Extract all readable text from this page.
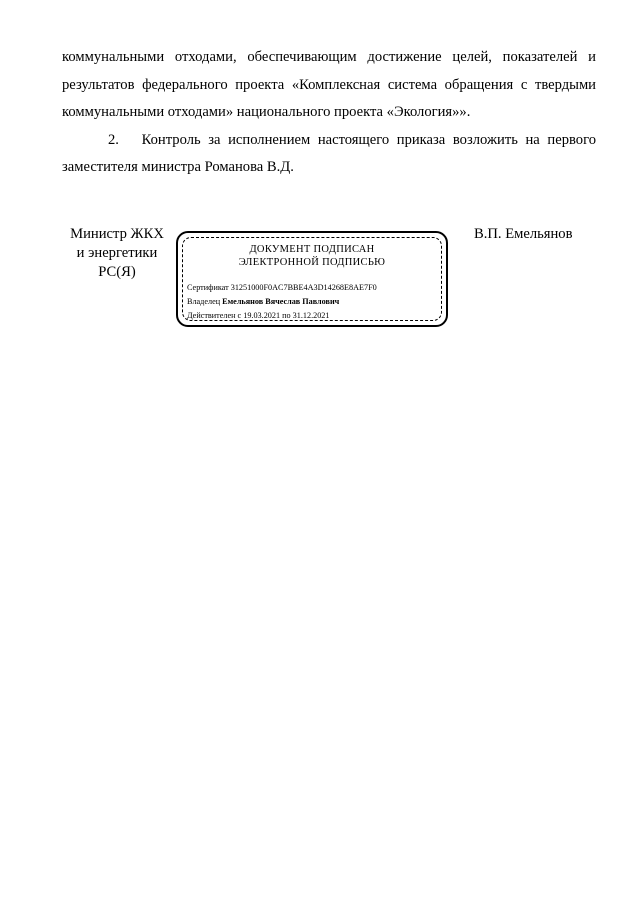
коммунальными отходами, обеспечивающим достижение целей, показателей и

результатов федерального проекта «Комплексная система обращения с твердыми

коммунальными отходами» национального проекта «Экология»».

2. Контроль за исполнением настоящего приказа возложить на первого

заместителя министра Романова В.Д.

Министр ЖКХ
и энергетики
РС(Я)
ДОКУМЕНТ ПОДПИСАН
ЭЛЕКТРОННОЙ ПОДПИСЬЮ
Сертификат 31251000F0AC7BBE4A3D14268E8AE7F0
Владелец Емельянов Вячеслав Павлович
Действителен с 19.03.2021 по 31.12.2021
В.П. Емельянов
